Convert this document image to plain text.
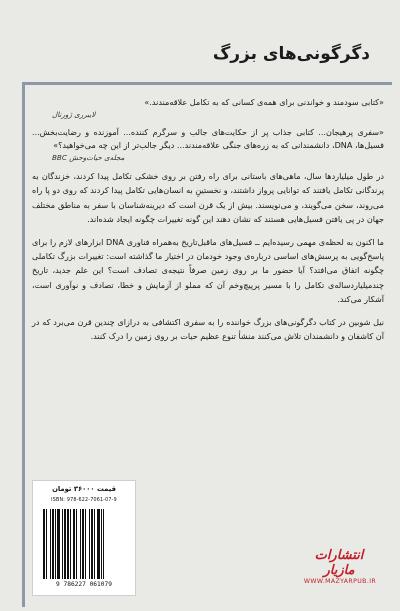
دگرگونی‌های بزرگ

«کتابی سودمند و خواندنی برای همه‌ی کسانی که به تکامل علاقه‌مندند.»

لایبرری ژورنال

«سفری پرهیجان... کتابی جذاب پر از حکایت‌های جالب و سرگرم کننده... آموزنده و رضایت‌بخش... فسیل‌ها، DNA، دانشمندانی که به زره‌های جنگی علاقه‌مندند... دیگر جالب‌تر از این چه می‌خواهید؟»

مجله‌ی حیات‌وحش BBC

در طول میلیاردها سال، ماهی‌های باستانی برای راه رفتن بر روی خشکی تکامل پیدا کردند، خزندگان به پرندگانی تکامل یافتند که توانایی پرواز داشتند، و نخستینِ به انسان‌هایی تکامل پیدا کردند که روی دو پا راه می‌روند، سخن می‌گویند، و می‌نویسند. بیش از یک قرن است که دیرینه‌شناسان با سفر به مناطق مختلف جهان در پی یافتن فسیل‌هایی هستند که نشان دهند این گونه تغییرات چگونه ایجاد شده‌اند.

ما اکنون به لحظه‌ی مهمی رسیده‌ایم ــ فسیل‌های ماقبل‌تاریخ به‌همراه فناوری DNA ابزارهای لازم را برای پاسخ‌گویی به پرسش‌های اساسی درباره‌ی وجود خودمان در اختیار ما گذاشته است: تغییرات بزرگ تکاملی چگونه اتفاق می‌افتد؟ آیا حضور ما بر روی زمین صرفاً نتیجه‌ی تصادف است؟ این علم جدید، تاریخ چندمیلیاردساله‌ی تکامل را با مسیر پرپیچ‌وخم آن که مملو از آزمایش و خطا، تصادف و نوآوری است، آشکار می‌کند.

نیل شوبین در کتاب دگرگونی‌های بزرگ خواننده را به سفری اکتشافی به درازای چندین قرن می‌برد که در آن کاشفان و دانشمندان تلاش می‌کنند منشأ تنوع عظیم حیات بر روی زمین را درک کنند.

قیمت ۳۶۰۰۰ تومان
ISBN: 978-622-7061-07-9
9 786227 061079
انتشارات مازیار
WWW.MAZYARPUB.IR
